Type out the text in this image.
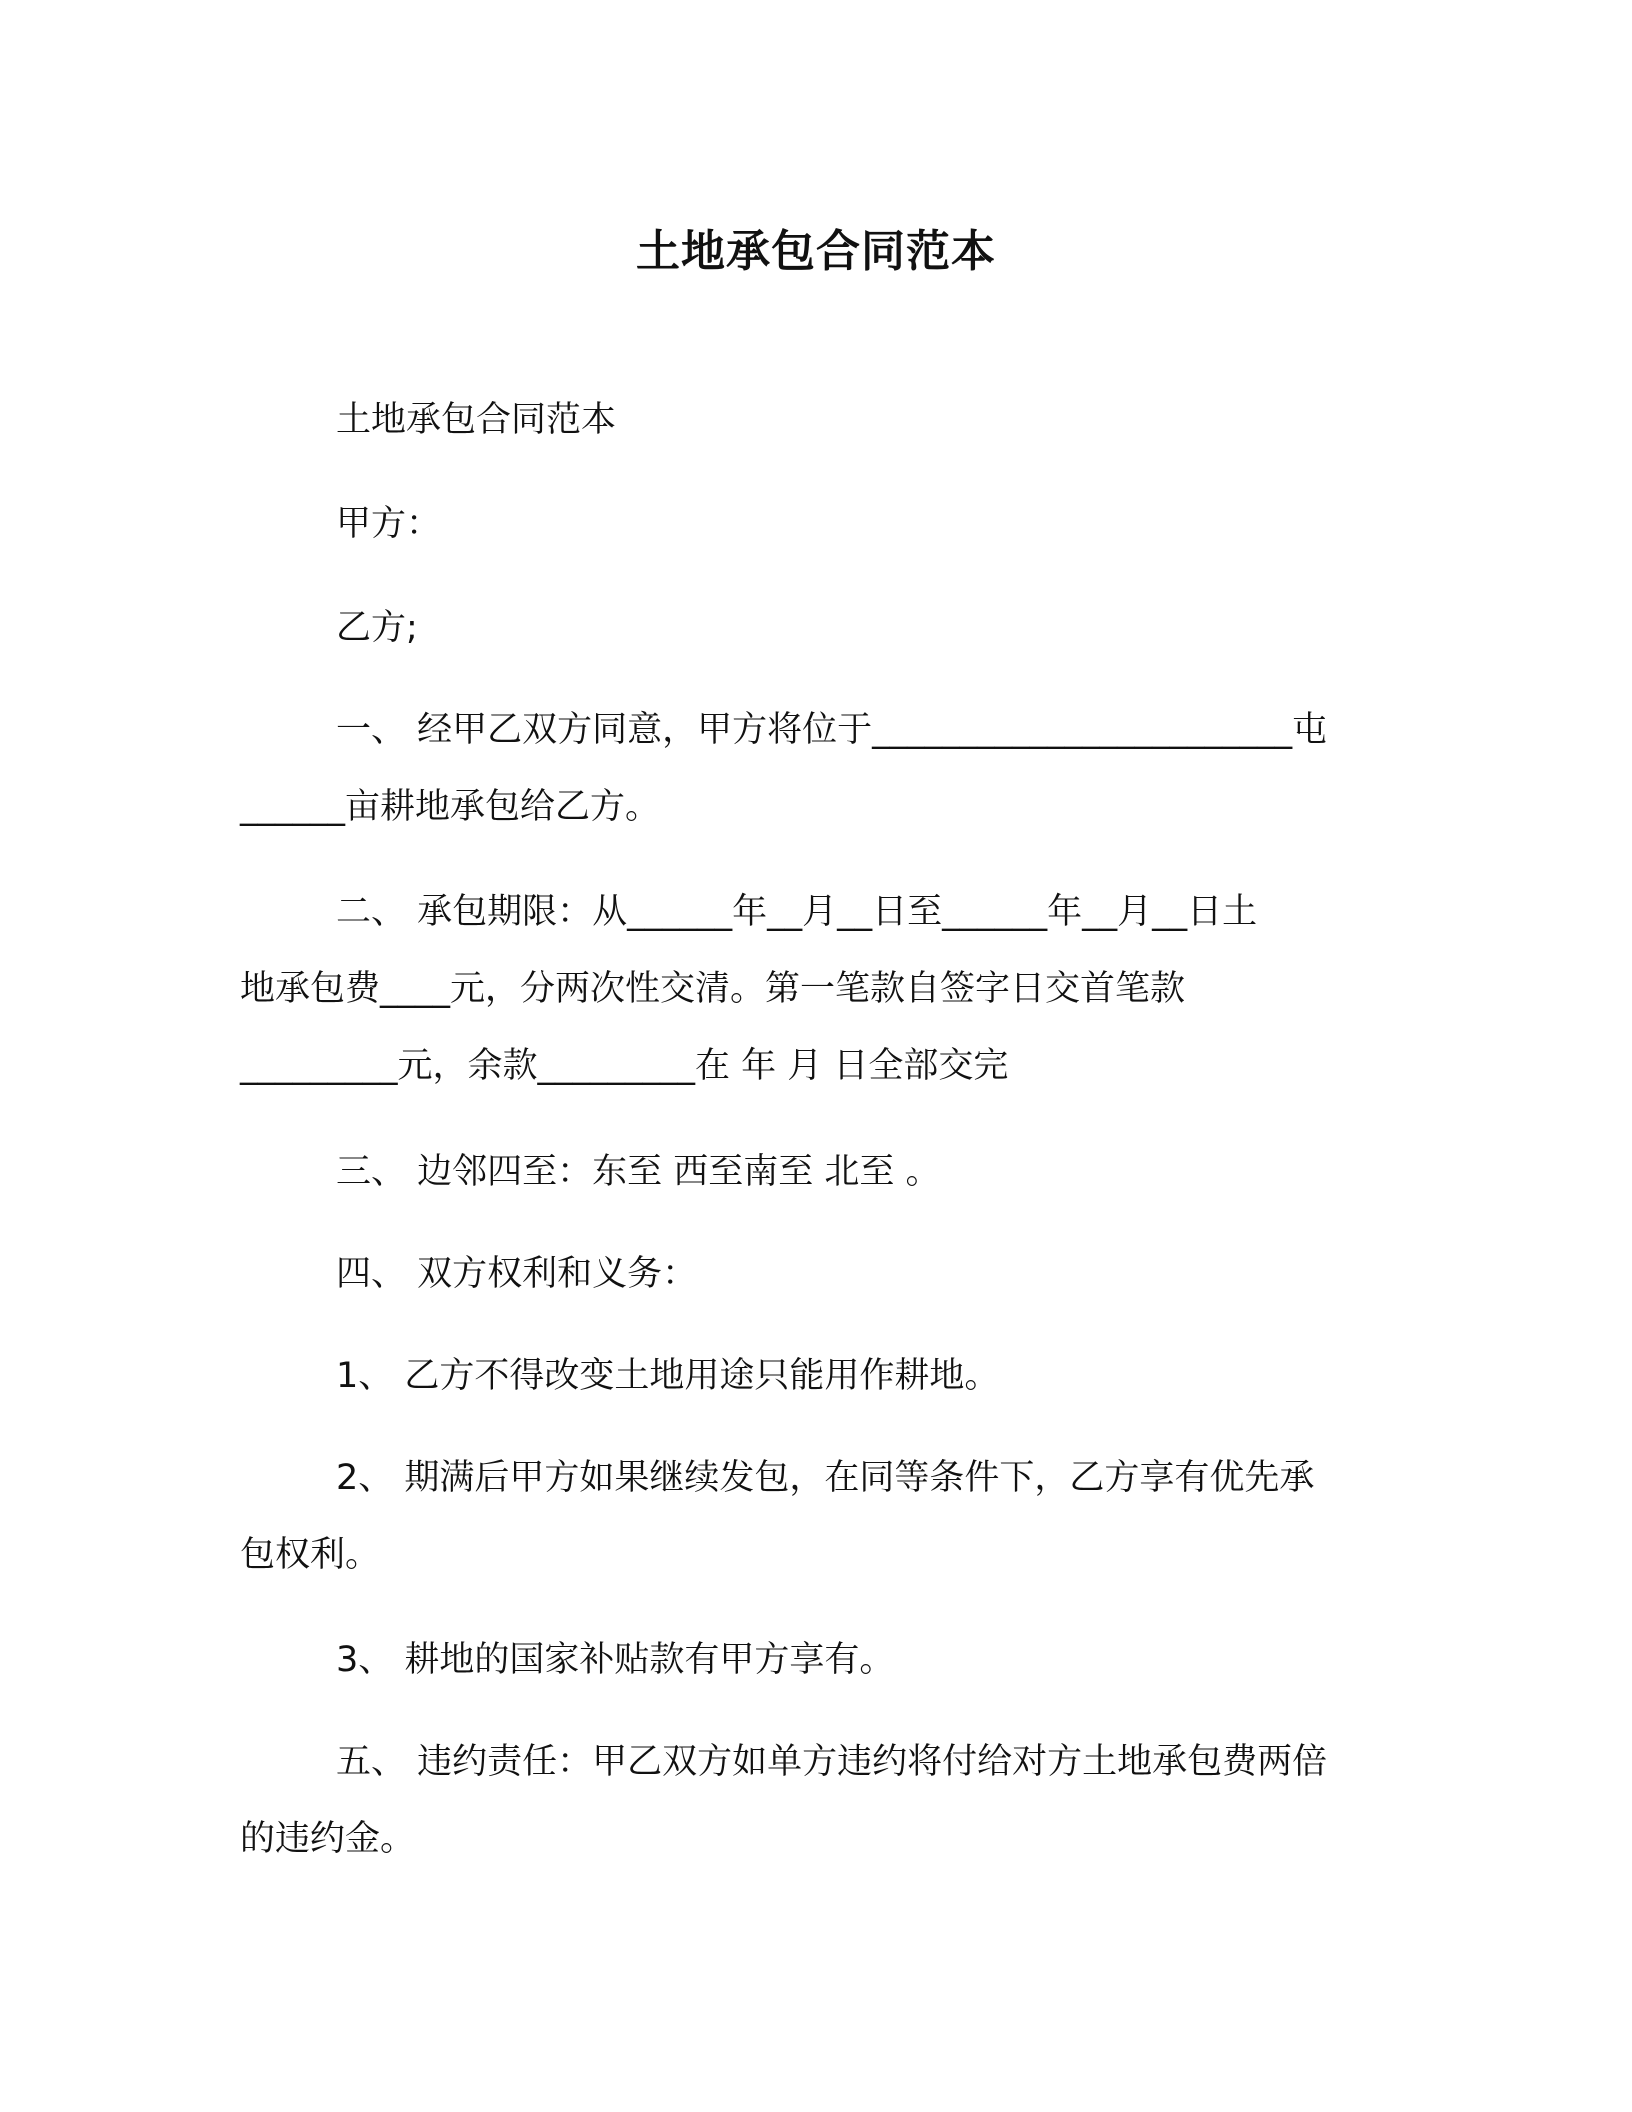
土地承包合同范本
土地承包合同范本
甲方：
乙方;
一、 经甲乙双方同意，甲方将位于________________________屯
______亩耕地承包给乙方。
二、 承包期限：从______年__月__日至______年__月__日土
地承包费____元，分两次性交清。第一笔款自签字日交首笔款
_________元，余款_________在 年 月 日全部交完
三、 边邻四至：东至 西至南至 北至 。
四、 双方权利和义务：
1、 乙方不得改变土地用途只能用作耕地。
2、 期满后甲方如果继续发包，在同等条件下，乙方享有优先承
包权利。
3、 耕地的国家补贴款有甲方享有。
五、 违约责任：甲乙双方如单方违约将付给对方土地承包费两倍
的违约金。
